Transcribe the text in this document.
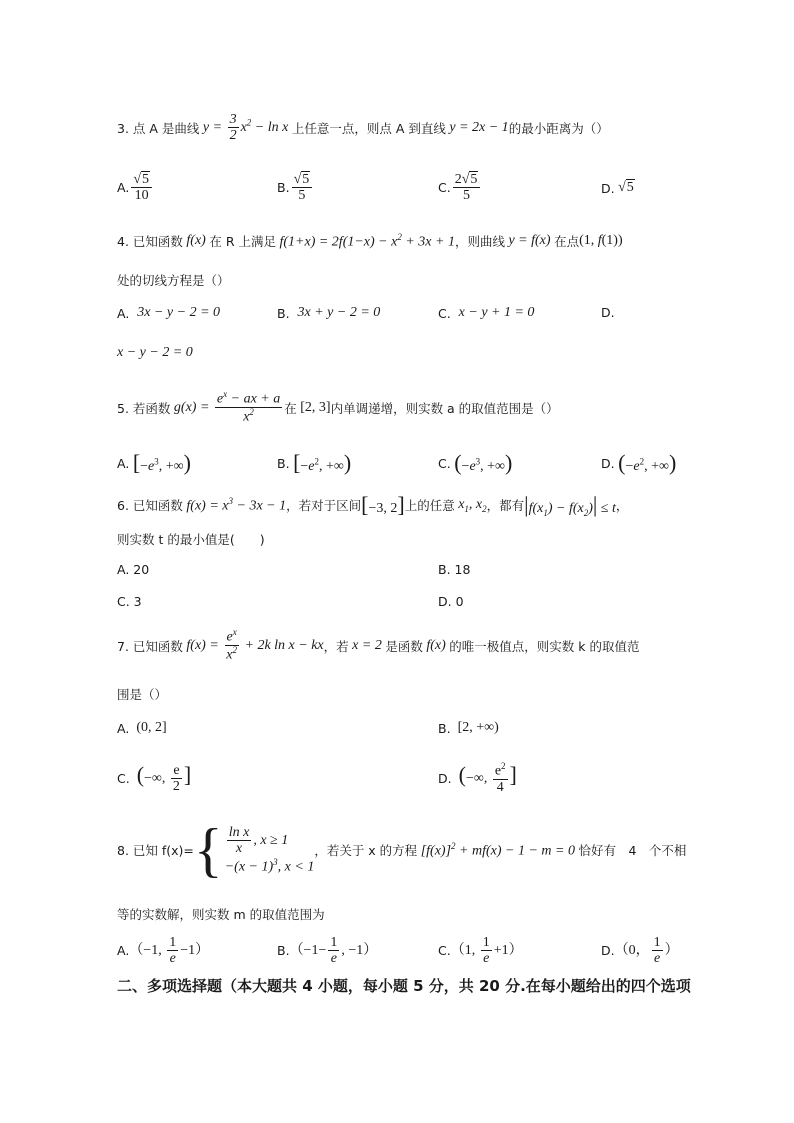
3. 点 A 是曲线 $y = \frac{3}{2} x^2 - \ln x$ 上任意一点，则点 A 到直线 y = 2x − 1 的最小距离为（）
A. $\frac{√5}{10}$	B. $\frac{√5}{5}$	C. $\frac{2√5}{5}$	D. √5
4. 已知函数 f(x) 在 R 上满足 $f(1+x) = 2f(1-x) - x^2 + 3x + 1$ ，则曲线 y = f(x) 在点 (1, f(1))
处的切线方程是（）
A.
3x − y − 2 = 0	B.
3x + y − 2 = 0	C.
x − y + 1 = 0	D.
x − y − 2 = 0
5. 若函数 $g(x) = \frac{e^x - ax + a}{x^2}$ 在 [2, 3] 内单调递增，则实数 a 的取值范围是（）
A. [$-e^3$, +∞)	B. [$-e^2$, +∞)	C. ($-e^3$, +∞)	D. ($-e^2$, +∞)
6. 已知函数 $f(x) = x^3 - 3x - 1$ ，若对于区间 [−3, 2] 上的任意 $x_1$, $x_2$ ，都有 $|f(x_1) - f(x_2)| \le t$ ，
则实数 t 的最小值是(　　)
A. 20	B. 18
C. 3	D. 0
7. 已知函数 $f(x) = \frac{e^x}{x^2} + 2k$ ln x − kx ，若 x = 2 是函数 f(x) 的唯一极值点，则实数 k 的取值范
围是（）
A. (0, 2]	B. [2, +∞)
C. (−∞, $\frac{e}{2}$ ]	D. (−∞, $\frac{e^2}{4}$ ]
8. 已知 f(x)= { $\frac{\text{ln x}}{x}$ , x ≥ 1
$-(x - 1)^3$, x < 1
，若关于 x 的方程 $[f(x)]^2 + mf(x) - 1 - m = 0$ 恰好有　4　个不相
等的实数解，则实数 m 的取值范围为
A. （−1, $\frac{1}{e} -1$）	B. （$-1- \frac{1}{e}$ , −1）	C. （1, $\frac{1}{e} +1$）	D. （0， $\frac{1}{e}$ ）
二、多项选择题（本大题共 4 小题，每小题 5 分，共 20 分.在每小题给出的四个选项
